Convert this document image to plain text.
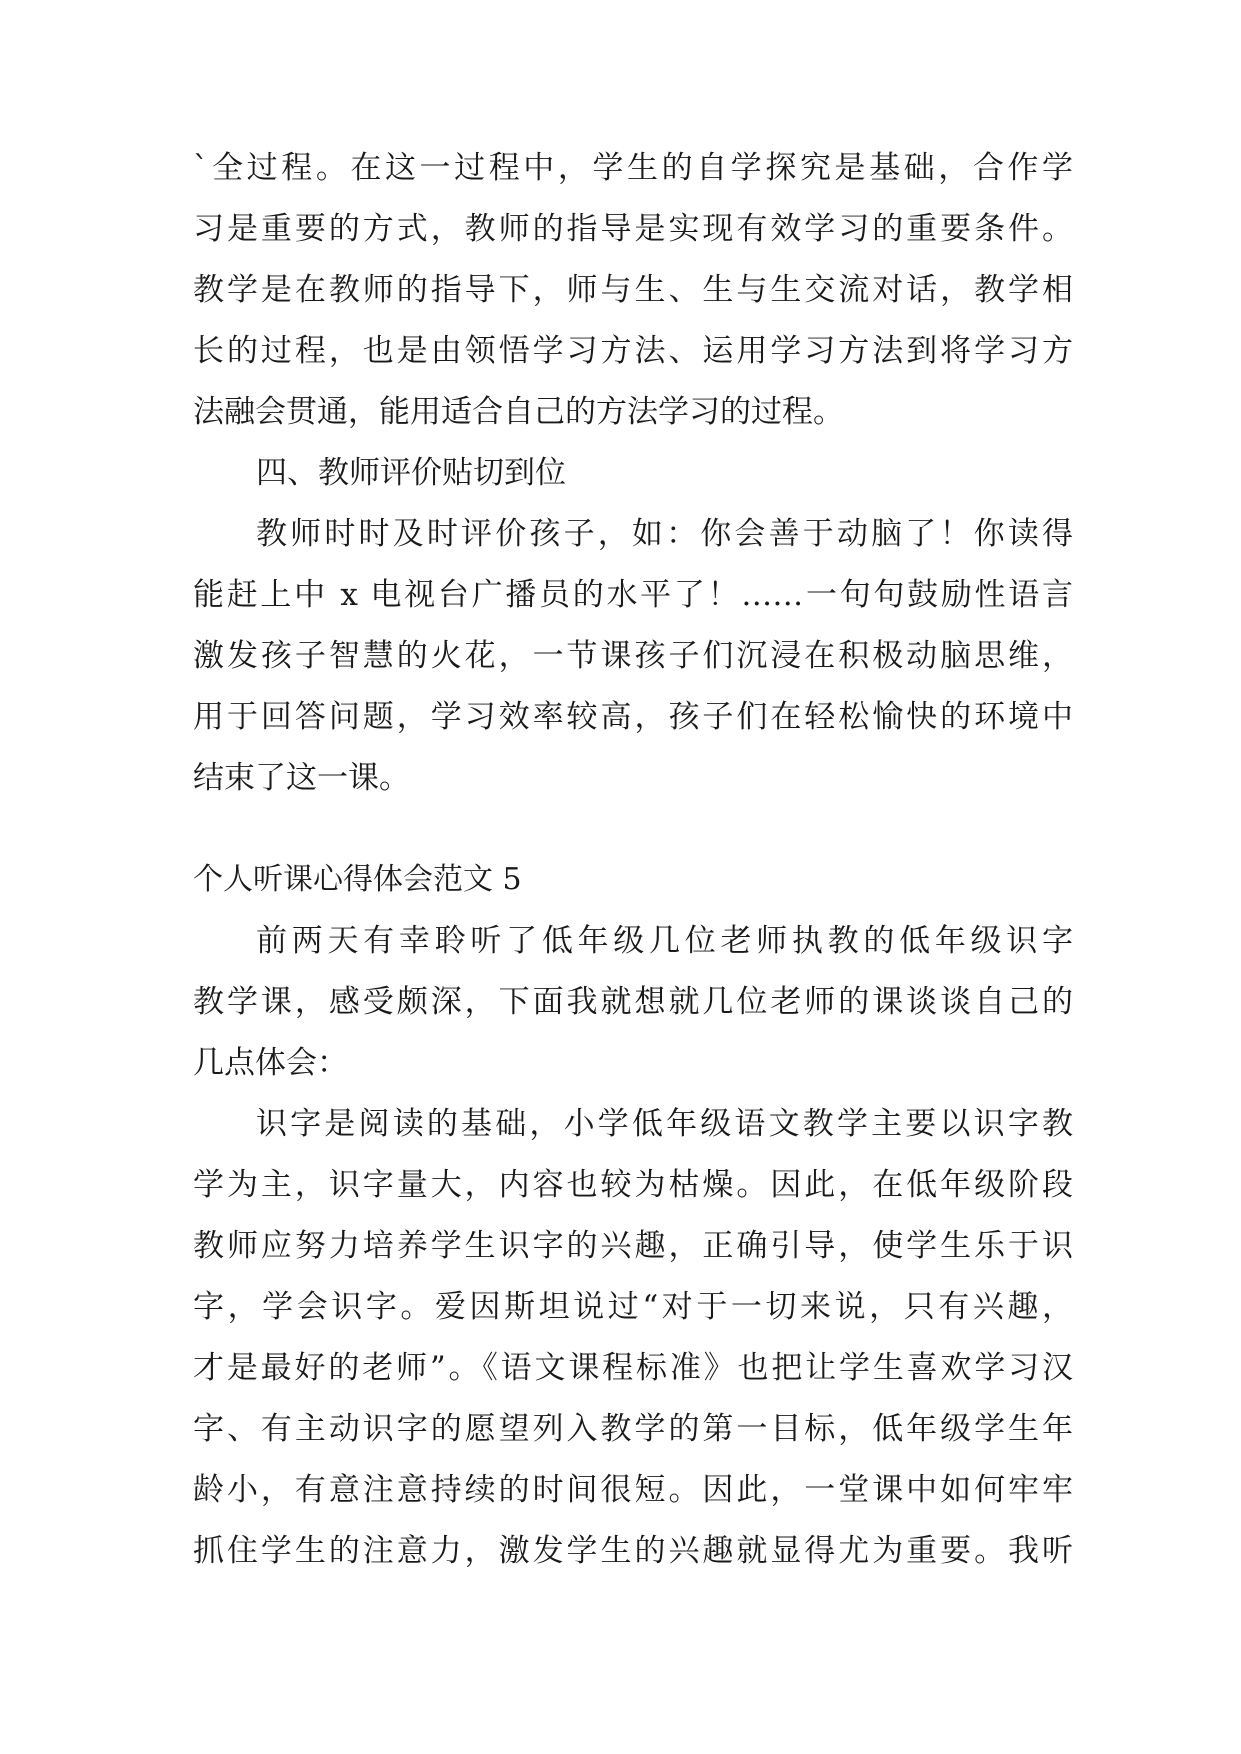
`全过程。在这一过程中，学生的自学探究是基础，合作学
习是重要的方式，教师的指导是实现有效学习的重要条件。
教学是在教师的指导下，师与生、生与生交流对话，教学相
长的过程，也是由领悟学习方法、运用学习方法到将学习方
法融会贯通，能用适合自己的方法学习的过程。
四、教师评价贴切到位
教师时时及时评价孩子，如：你会善于动脑了！你读得
能赶上中 x 电视台广播员的水平了！……一句句鼓励性语言
激发孩子智慧的火花，一节课孩子们沉浸在积极动脑思维，
用于回答问题，学习效率较高，孩子们在轻松愉快的环境中
结束了这一课。
个人听课心得体会范文 5
前两天有幸聆听了低年级几位老师执教的低年级识字
教学课，感受颇深，下面我就想就几位老师的课谈谈自己的
几点体会：
识字是阅读的基础，小学低年级语文教学主要以识字教
学为主，识字量大，内容也较为枯燥。因此，在低年级阶段
教师应努力培养学生识字的兴趣，正确引导，使学生乐于识
字，学会识字。爱因斯坦说过“对于一切来说，只有兴趣，
才是最好的老师”。《语文课程标准》也把让学生喜欢学习汉
字、有主动识字的愿望列入教学的第一目标，低年级学生年
龄小，有意注意持续的时间很短。因此，一堂课中如何牢牢
抓住学生的注意力，激发学生的兴趣就显得尤为重要。我听
